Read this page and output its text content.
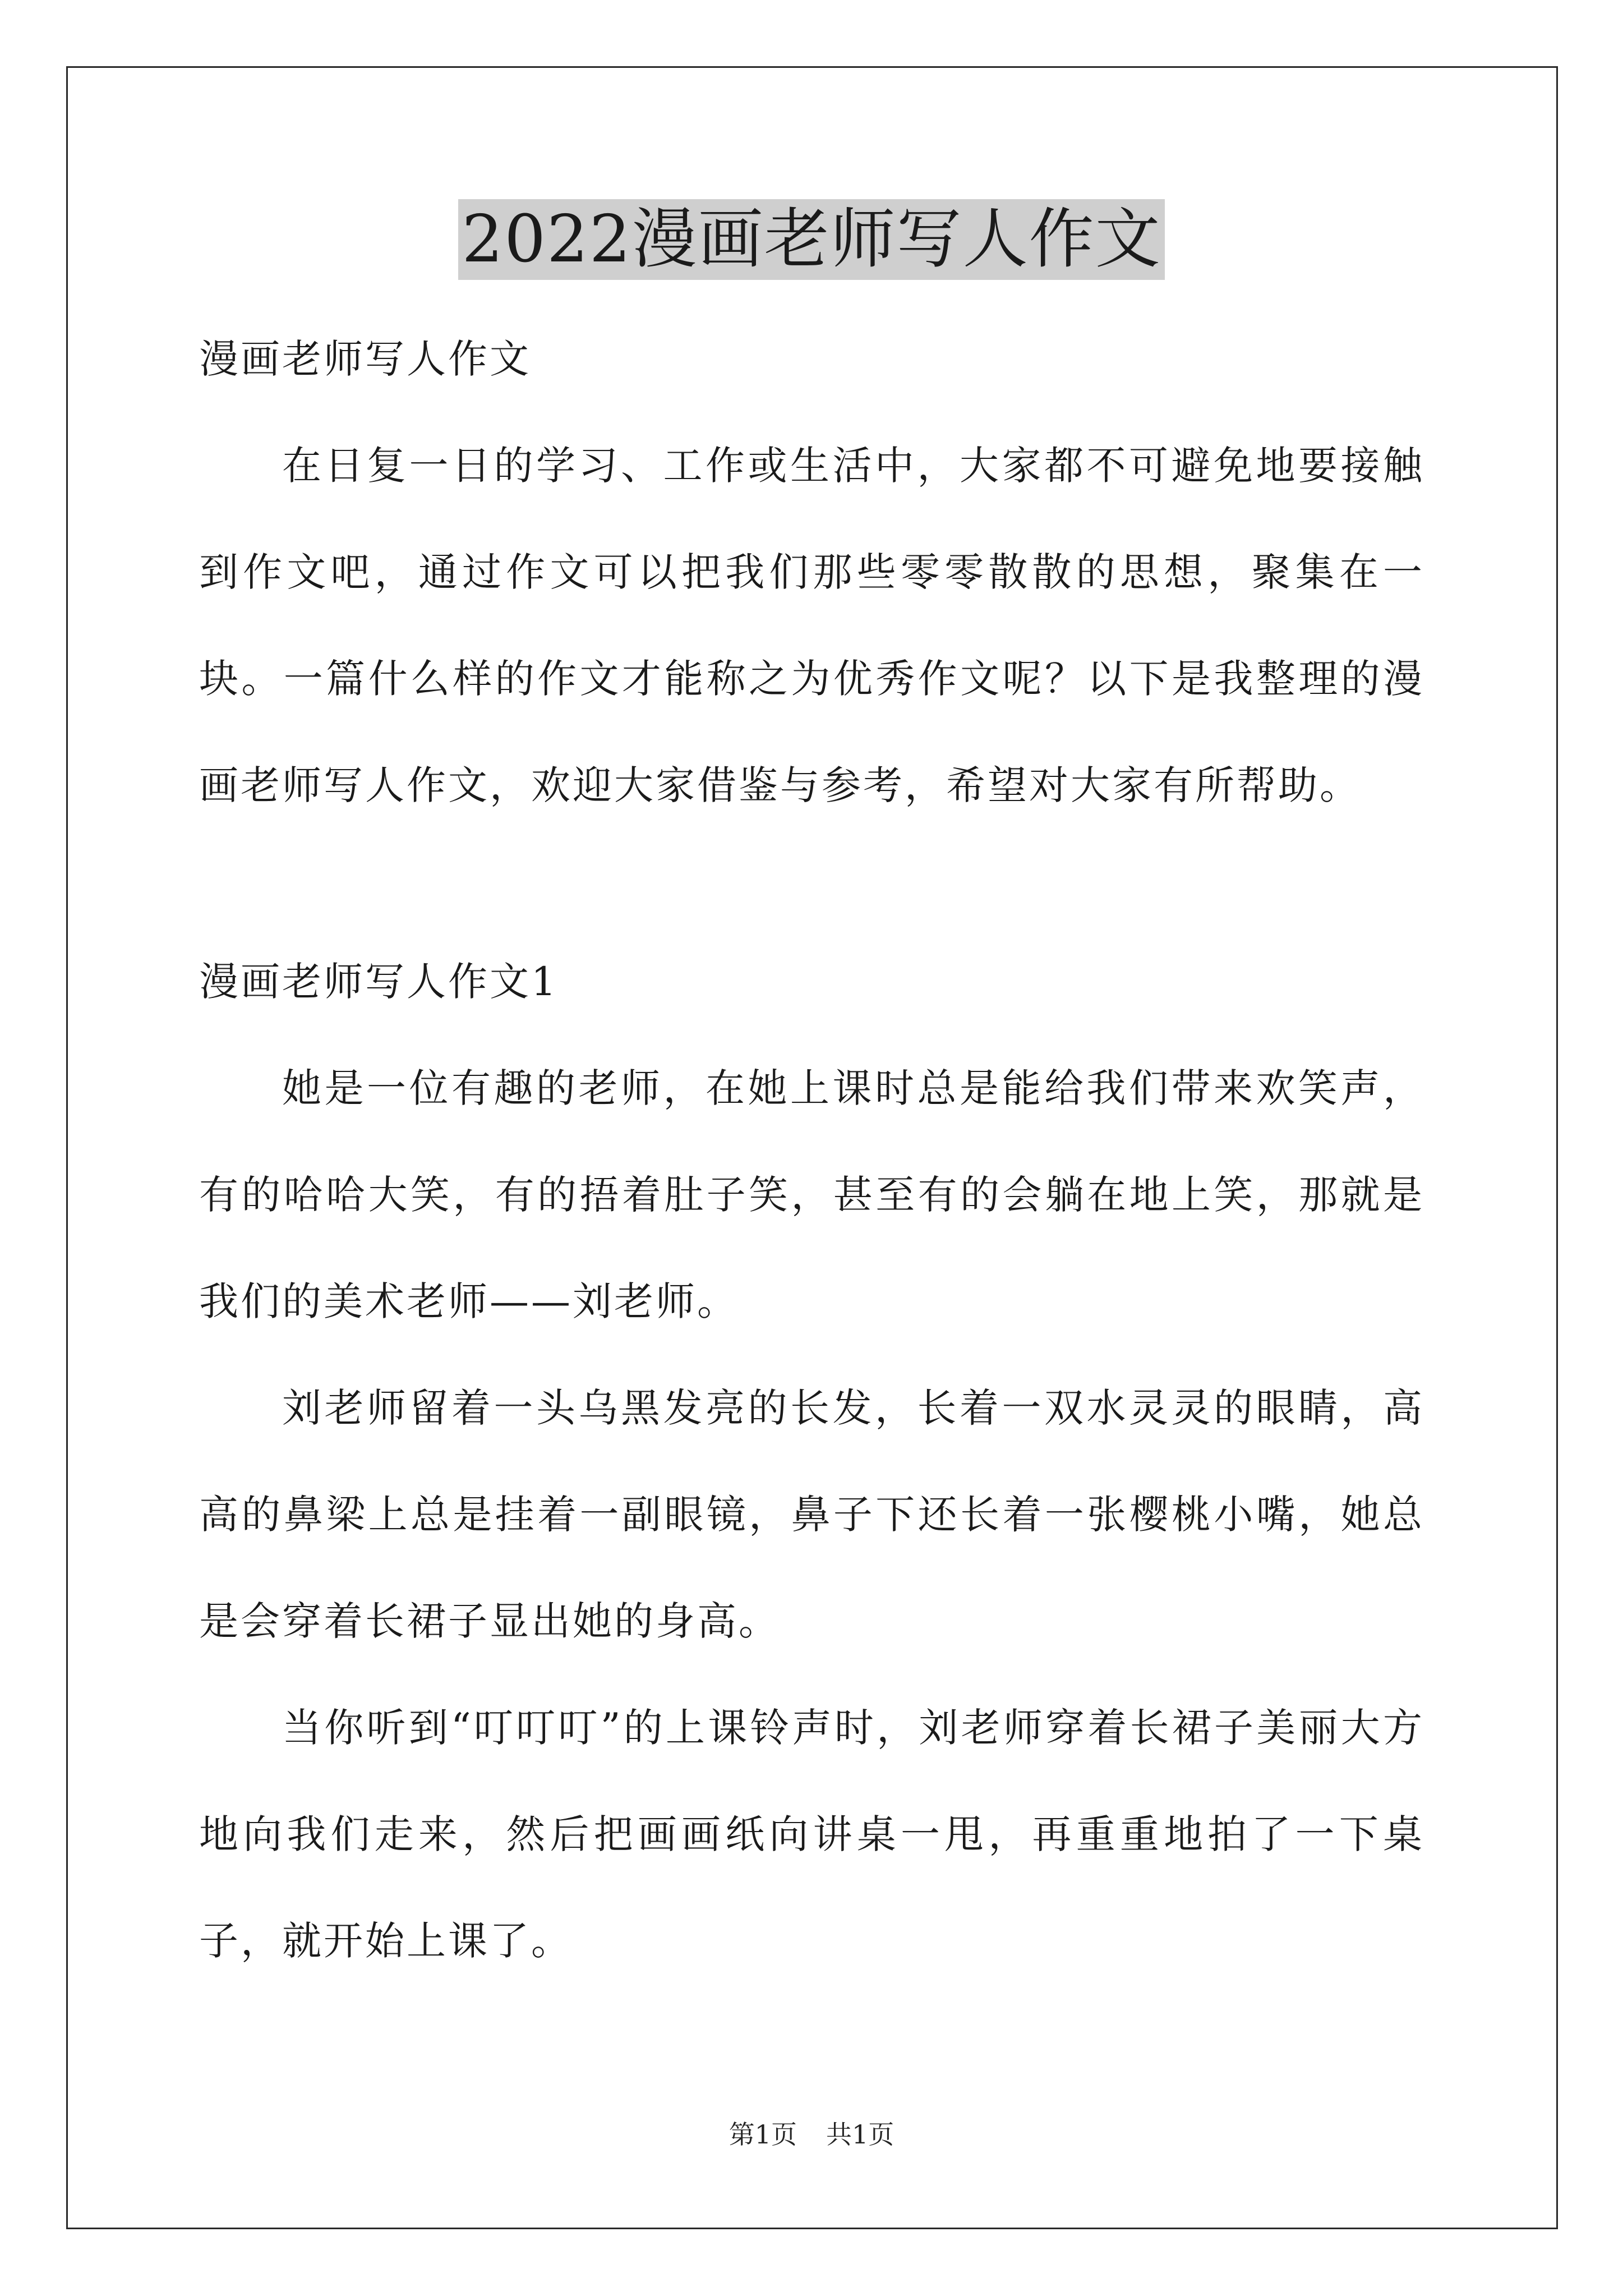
2022漫画老师写人作文

漫画老师写人作文

在日复一日的学习、工作或生活中，大家都不可避免地要接触到作文吧，通过作文可以把我们那些零零散散的思想，聚集在一块。一篇什么样的作文才能称之为优秀作文呢？以下是我整理的漫画老师写人作文，欢迎大家借鉴与参考，希望对大家有所帮助。

漫画老师写人作文1

她是一位有趣的老师，在她上课时总是能给我们带来欢笑声，有的哈哈大笑，有的捂着肚子笑，甚至有的会躺在地上笑，那就是我们的美术老师——刘老师。

刘老师留着一头乌黑发亮的长发，长着一双水灵灵的眼睛，高高的鼻梁上总是挂着一副眼镜，鼻子下还长着一张樱桃小嘴，她总是会穿着长裙子显出她的身高。

当你听到“叮叮叮”的上课铃声时，刘老师穿着长裙子美丽大方地向我们走来，然后把画画纸向讲桌一甩，再重重地拍了一下桌子，就开始上课了。

第1页 共1页
